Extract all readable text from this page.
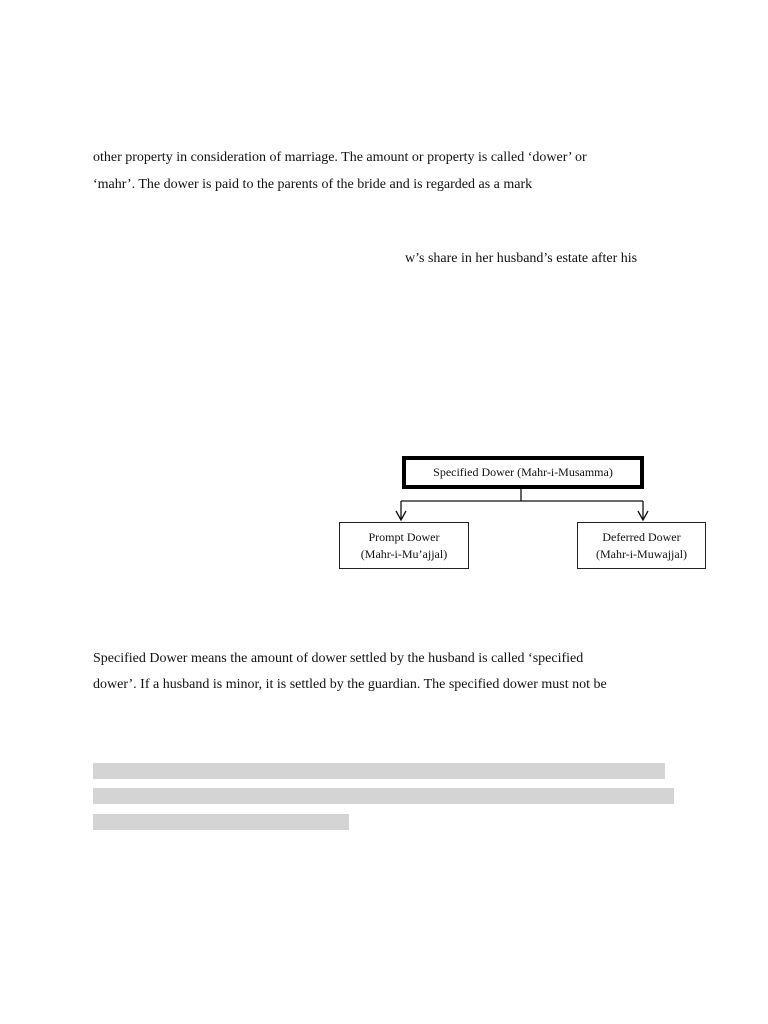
other property in consideration of marriage. The amount or property is called ‘dower’ or
‘mahr’. The dower is paid to the parents of the bride and is regarded as a mark
w’s share in her husband’s estate after his
Specified Dower (Mahr-i-Musamma)
Prompt Dower
(Mahr-i-Mu’ajjal)
Deferred Dower
(Mahr-i-Muwajjal)
Specified Dower means the amount of dower settled by the husband is called ‘specified
dower’. If a husband is minor, it is settled by the guardian. The specified dower must not be
